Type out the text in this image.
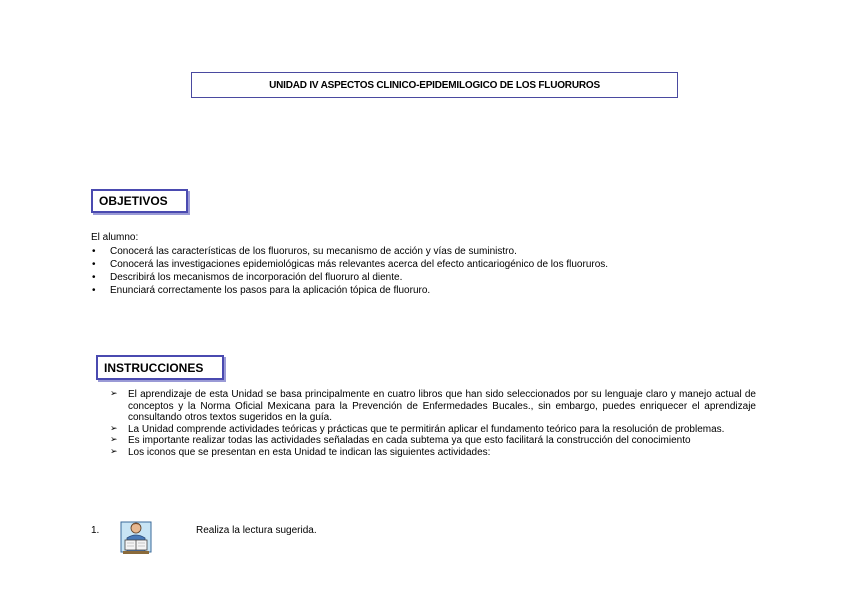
UNIDAD IV ASPECTOS CLINICO-EPIDEMILOGICO DE LOS FLUORUROS
OBJETIVOS
El alumno:
• Conocerá las características de los fluoruros, su mecanismo de acción y vías de suministro.
• Conocerá las investigaciones epidemiológicas más relevantes acerca del efecto anticariogénico de los fluoruros.
• Describirá los mecanismos de incorporación del fluoruro al diente.
• Enunciará correctamente los pasos para la aplicación tópica de fluoruro.
INSTRUCCIONES
➢ El aprendizaje de esta Unidad se basa principalmente en cuatro libros que han sido seleccionados por su lenguaje claro y manejo actual de conceptos y la Norma Oficial Mexicana para la Prevención de Enfermedades Bucales., sin embargo, puedes enriquecer el aprendizaje consultando otros textos sugeridos en la guía.
➢ La Unidad comprende actividades teóricas y prácticas que te permitirán aplicar el fundamento teórico para la resolución de problemas.
➢ Es importante realizar todas las actividades señaladas en cada subtema ya que esto facilitará la construcción del conocimiento
➢ Los iconos que se presentan en esta Unidad te indican las siguientes actividades:
1.	Realiza la lectura sugerida.
